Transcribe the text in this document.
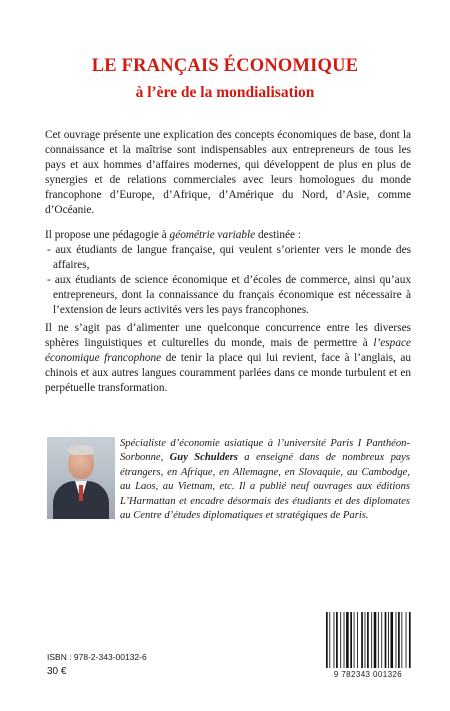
LE FRANÇAIS ÉCONOMIQUE
à l’ère de la mondialisation

Cet ouvrage présente une explication des concepts économiques de base, dont la connaissance et la maîtrise sont indispensables aux entrepreneurs de tous les pays et aux hommes d’affaires modernes, qui développent de plus en plus de synergies et de relations commerciales avec leurs homologues du monde francophone d’Europe, d’Afrique, d’Amérique du Nord, d’Asie, comme d’Océanie.

Il propose une pédagogie à géométrie variable destinée :
- aux étudiants de langue française, qui veulent s’orienter vers le monde des affaires,
- aux étudiants de science économique et d’écoles de commerce, ainsi qu’aux entrepreneurs, dont la connaissance du français économique est nécessaire à l’extension de leurs activités vers les pays francophones.

Il ne s’agit pas d’alimenter une quelconque concurrence entre les diverses sphères linguistiques et culturelles du monde, mais de permettre à l’espace économique francophone de tenir la place qui lui revient, face à l’anglais, au chinois et aux autres langues couramment parlées dans ce monde turbulent et en perpétuelle transformation.

Spécialiste d’économie asiatique à l’université Paris I Panthéon-Sorbonne, Guy Schulders a enseigné dans de nombreux pays étrangers, en Afrique, en Allemagne, en Slovaquie, au Cambodge, au Laos, au Vietnam, etc. Il a publié neuf ouvrages aux éditions L’Harmattan et encadre désormais des étudiants et des diplomates au Centre d’études diplomatiques et stratégiques de Paris.

ISBN : 978-2-343-00132-6
30 €	9 782343 001326
